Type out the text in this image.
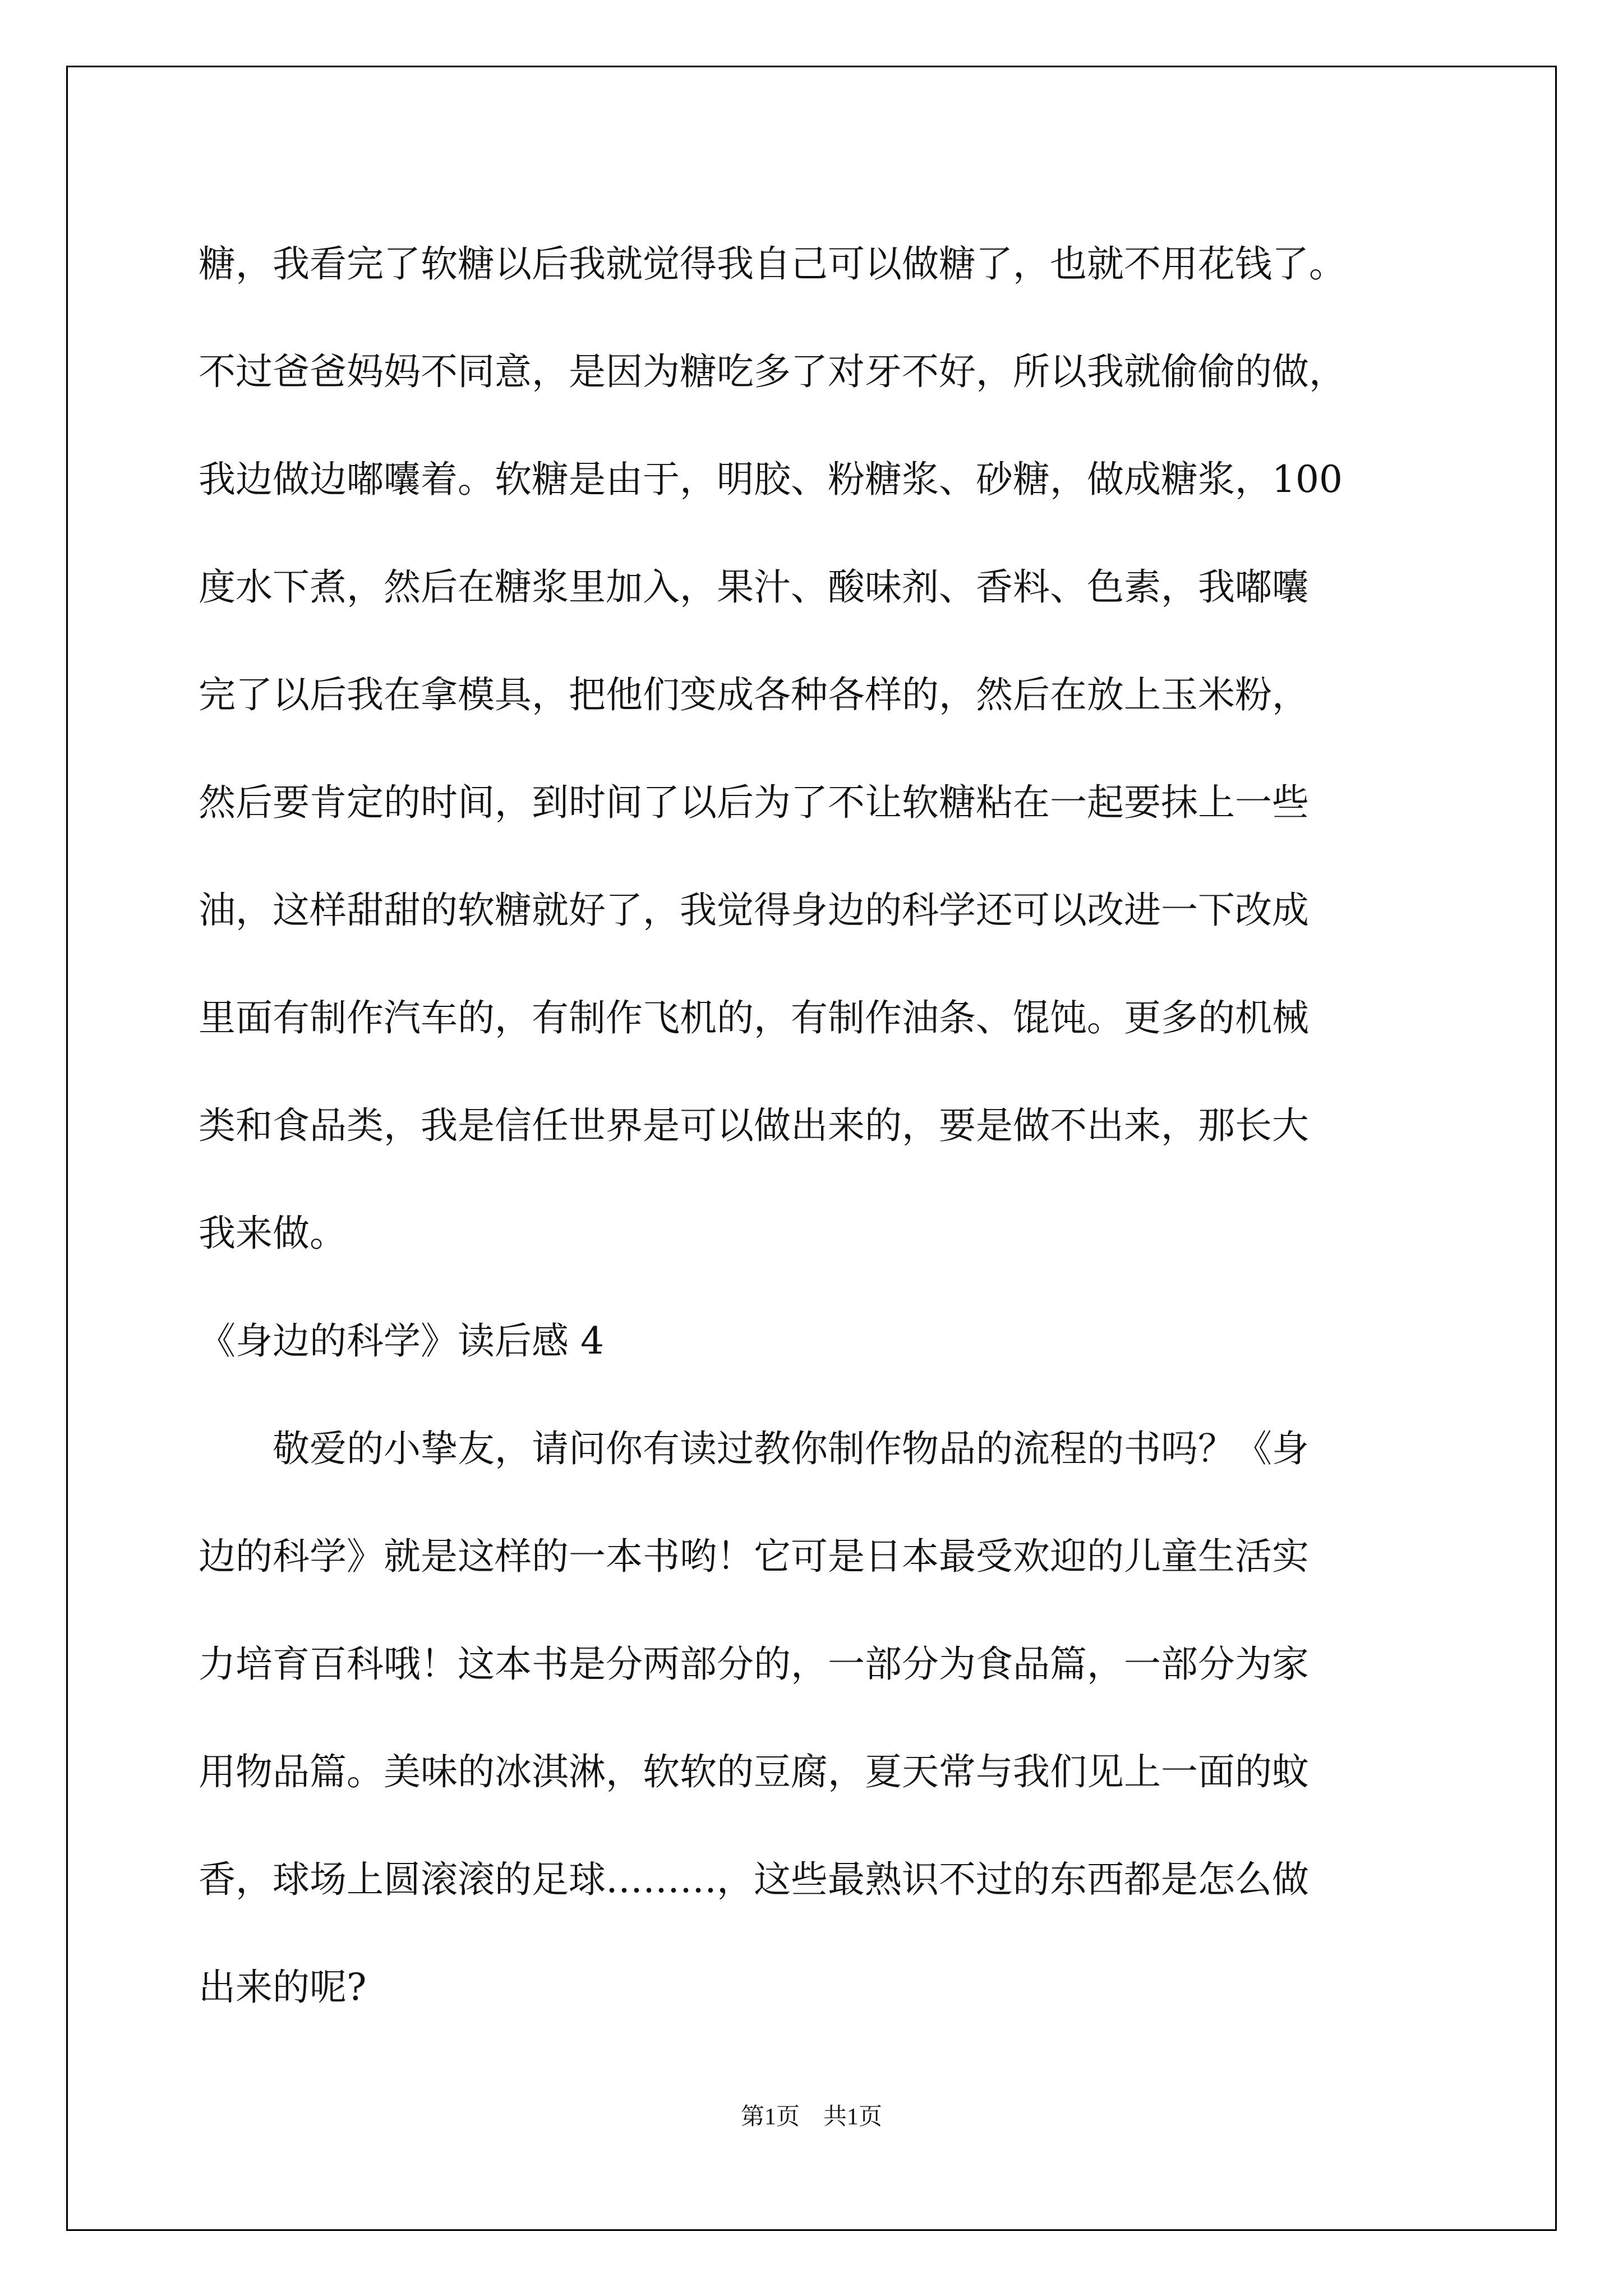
糖，我看完了软糖以后我就觉得我自己可以做糖了，也就不用花钱了。
不过爸爸妈妈不同意，是因为糖吃多了对牙不好，所以我就偷偷的做，
我边做边嘟囔着。软糖是由于，明胶、粉糖浆、砂糖，做成糖浆，100
度水下煮，然后在糖浆里加入，果汁、酸味剂、香料、色素，我嘟囔
完了以后我在拿模具，把他们变成各种各样的，然后在放上玉米粉，
然后要肯定的时间，到时间了以后为了不让软糖粘在一起要抹上一些
油，这样甜甜的软糖就好了，我觉得身边的科学还可以改进一下改成
里面有制作汽车的，有制作飞机的，有制作油条、馄饨。更多的机械
类和食品类，我是信任世界是可以做出来的，要是做不出来，那长大
我来做。
《身边的科学》读后感 4
敬爱的小挚友，请问你有读过教你制作物品的流程的书吗？《身
边的科学》就是这样的一本书哟！它可是日本最受欢迎的儿童生活实
力培育百科哦！这本书是分两部分的，一部分为食品篇，一部分为家
用物品篇。美味的冰淇淋，软软的豆腐，夏天常与我们见上一面的蚊
香，球场上圆滚滚的足球………，这些最熟识不过的东西都是怎么做
出来的呢?
第1页　共1页
